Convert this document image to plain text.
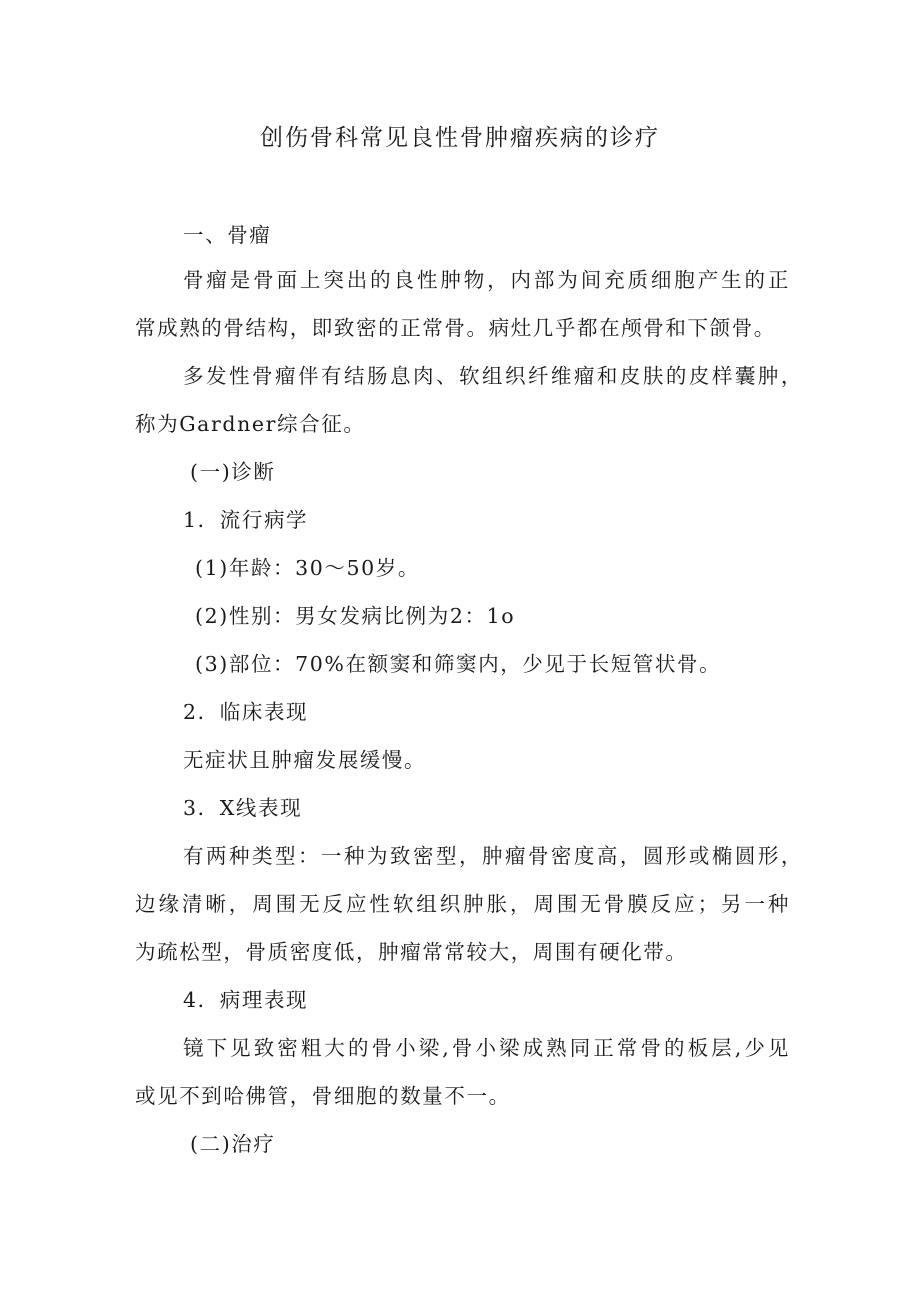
创伤骨科常见良性骨肿瘤疾病的诊疗
一、骨瘤
骨瘤是骨面上突出的良性肿物，内部为间充质细胞产生的正
常成熟的骨结构，即致密的正常骨。病灶几乎都在颅骨和下颌骨。
多发性骨瘤伴有结肠息肉、软组织纤维瘤和皮肤的皮样囊肿，
称为Gardner综合征。
(一)诊断
1．流行病学
(1)年龄：30～50岁。
(2)性别：男女发病比例为2：1o
(3)部位：70%在额窦和筛窦内，少见于长短管状骨。
2．临床表现
无症状且肿瘤发展缓慢。
3．X线表现
有两种类型：一种为致密型，肿瘤骨密度高，圆形或椭圆形，
边缘清晰，周围无反应性软组织肿胀，周围无骨膜反应；另一种
为疏松型，骨质密度低，肿瘤常常较大，周围有硬化带。
4．病理表现
镜下见致密粗大的骨小梁,骨小梁成熟同正常骨的板层,少见
或见不到哈佛管，骨细胞的数量不一。
(二)治疗
